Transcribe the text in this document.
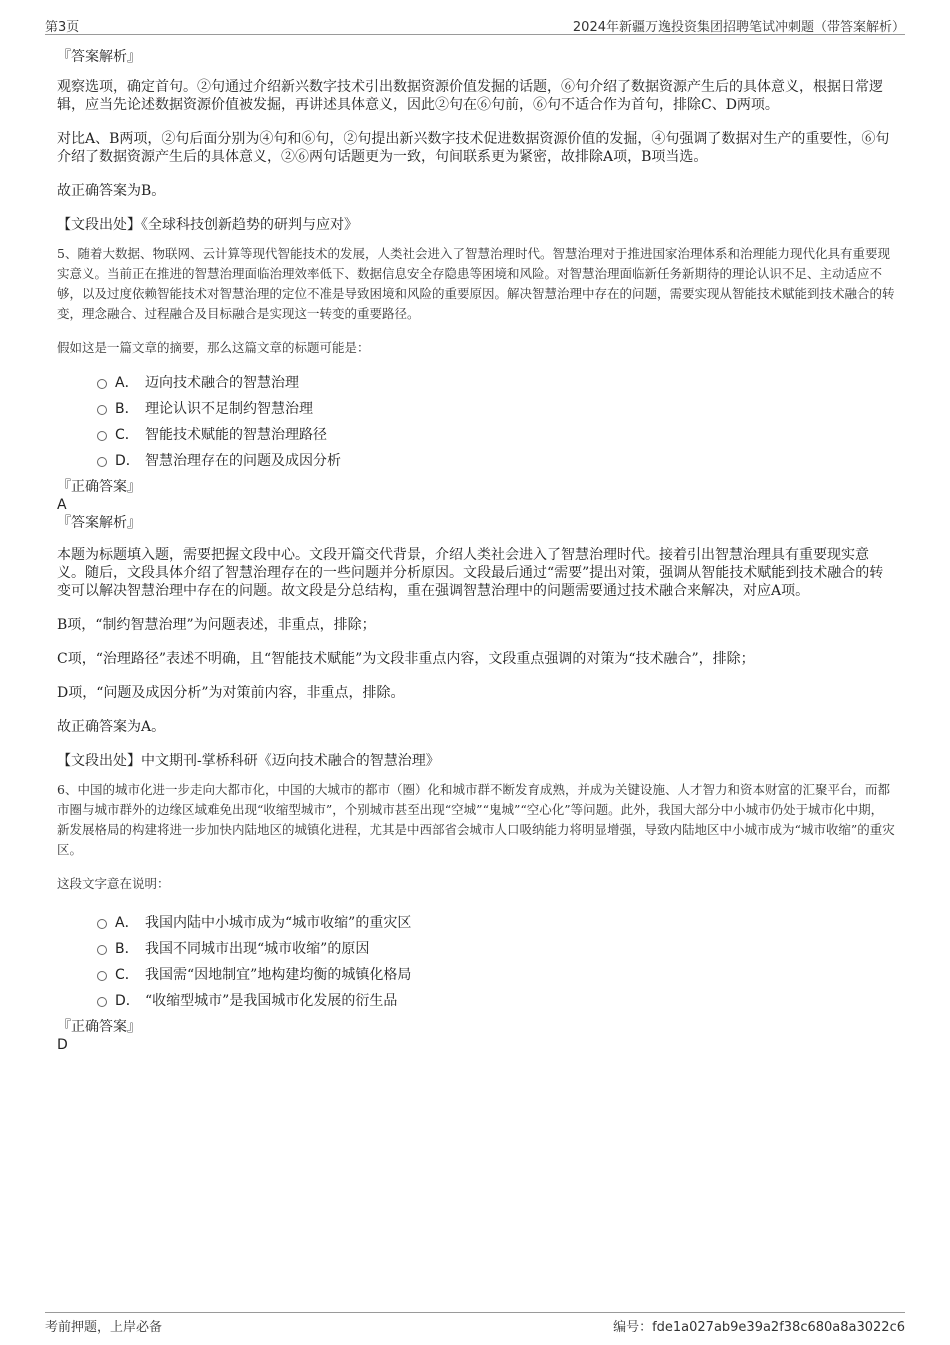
第3页	2024年新疆万逸投资集团招聘笔试冲刺题（带答案解析）
『答案解析』
观察选项，确定首句。②句通过介绍新兴数字技术引出数据资源价值发掘的话题，⑥句介绍了数据资源产生后的具体意义，根据日常逻辑，应当先论述数据资源价值被发掘，再讲述具体意义，因此②句在⑥句前，⑥句不适合作为首句，排除C、D两项。
对比A、B两项，②句后面分别为④句和⑥句，②句提出新兴数字技术促进数据资源价值的发掘，④句强调了数据对生产的重要性，⑥句介绍了数据资源产生后的具体意义，②⑥两句话题更为一致，句间联系更为紧密，故排除A项，B项当选。
故正确答案为B。
【文段出处】《全球科技创新趋势的研判与应对》
5、随着大数据、物联网、云计算等现代智能技术的发展，人类社会进入了智慧治理时代。智慧治理对于推进国家治理体系和治理能力现代化具有重要现实意义。当前正在推进的智慧治理面临治理效率低下、数据信息安全存隐患等困境和风险。对智慧治理面临新任务新期待的理论认识不足、主动适应不够，以及过度依赖智能技术对智慧治理的定位不准是导致困境和风险的重要原因。解决智慧治理中存在的问题，需要实现从智能技术赋能到技术融合的转变，理念融合、过程融合及目标融合是实现这一转变的重要路径。
假如这是一篇文章的摘要，那么这篇文章的标题可能是：
A． 迈向技术融合的智慧治理
B． 理论认识不足制约智慧治理
C． 智能技术赋能的智慧治理路径
D． 智慧治理存在的问题及成因分析
『正确答案』
A
『答案解析』
本题为标题填入题，需要把握文段中心。文段开篇交代背景，介绍人类社会进入了智慧治理时代。接着引出智慧治理具有重要现实意义。随后，文段具体介绍了智慧治理存在的一些问题并分析原因。文段最后通过“需要”提出对策，强调从智能技术赋能到技术融合的转变可以解决智慧治理中存在的问题。故文段是分总结构，重在强调智慧治理中的问题需要通过技术融合来解决，对应A项。
B项，“制约智慧治理”为问题表述，非重点，排除；
C项，“治理路径”表述不明确，且“智能技术赋能”为文段非重点内容，文段重点强调的对策为“技术融合”，排除；
D项，“问题及成因分析”为对策前内容，非重点，排除。
故正确答案为A。
【文段出处】中文期刊-掌桥科研《迈向技术融合的智慧治理》
6、中国的城市化进一步走向大都市化，中国的大城市的都市（圈）化和城市群不断发育成熟，并成为关键设施、人才智力和资本财富的汇聚平台，而都市圈与城市群外的边缘区域难免出现“收缩型城市”，个别城市甚至出现“空城”“鬼城”“空心化”等问题。此外，我国大部分中小城市仍处于城市化中期，新发展格局的构建将进一步加快内陆地区的城镇化进程，尤其是中西部省会城市人口吸纳能力将明显增强，导致内陆地区中小城市成为“城市收缩”的重灾区。
这段文字意在说明：
A． 我国内陆中小城市成为“城市收缩”的重灾区
B． 我国不同城市出现“城市收缩”的原因
C． 我国需“因地制宜”地构建均衡的城镇化格局
D． “收缩型城市”是我国城市化发展的衍生品
『正确答案』
D
考前押题，上岸必备	编号：fde1a027ab9e39a2f38c680a8a3022c6
